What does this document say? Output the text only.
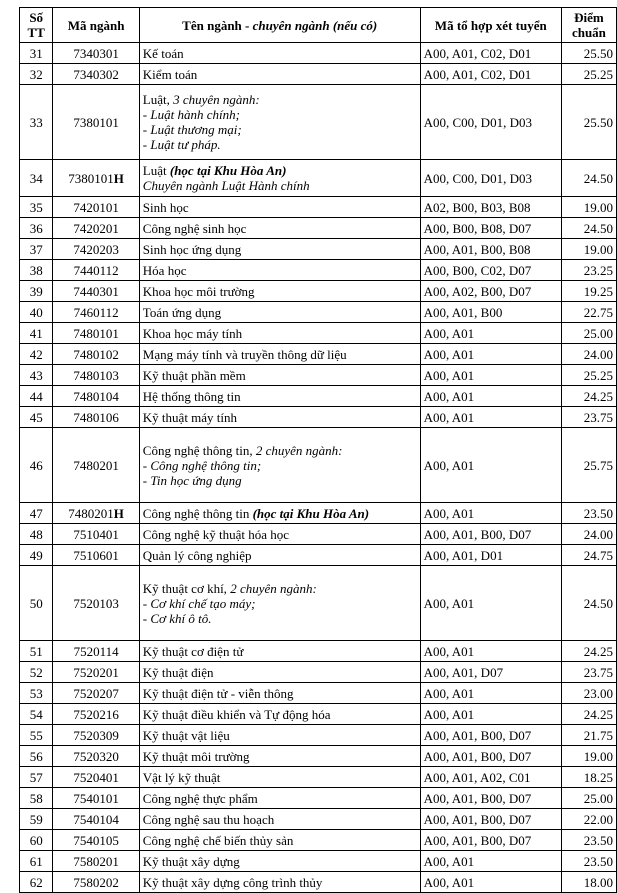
Số TT	Mã ngành	Tên ngành - chuyên ngành (nếu có)	Mã tổ hợp xét tuyển	Điểm chuẩn
31	7340301	Kế toán	A00, A01, C02, D01	25.50
32	7340302	Kiểm toán	A00, A01, C02, D01	25.25
33	7380101	Luật, 3 chuyên ngành:
- Luật hành chính;
- Luật thương mại;
- Luật tư pháp.	A00, C00, D01, D03	25.50
34	7380101H	Luật (học tại Khu Hòa An)
Chuyên ngành Luật Hành chính	A00, C00, D01, D03	24.50
35	7420101	Sinh học	A02, B00, B03, B08	19.00
36	7420201	Công nghệ sinh học	A00, B00, B08, D07	24.50
37	7420203	Sinh học ứng dụng	A00, A01, B00, B08	19.00
38	7440112	Hóa học	A00, B00, C02, D07	23.25
39	7440301	Khoa học môi trường	A00, A02, B00, D07	19.25
40	7460112	Toán ứng dụng	A00, A01, B00	22.75
41	7480101	Khoa học máy tính	A00, A01	25.00
42	7480102	Mạng máy tính và truyền thông dữ liệu	A00, A01	24.00
43	7480103	Kỹ thuật phần mềm	A00, A01	25.25
44	7480104	Hệ thống thông tin	A00, A01	24.25
45	7480106	Kỹ thuật máy tính	A00, A01	23.75
46	7480201	Công nghệ thông tin, 2 chuyên ngành:
- Công nghệ thông tin;
- Tin học ứng dụng	A00, A01	25.75
47	7480201H	Công nghệ thông tin (học tại Khu Hòa An)	A00, A01	23.50
48	7510401	Công nghệ kỹ thuật hóa học	A00, A01, B00, D07	24.00
49	7510601	Quản lý công nghiệp	A00, A01, D01	24.75
50	7520103	Kỹ thuật cơ khí, 2 chuyên ngành:
- Cơ khí chế tạo máy;
- Cơ khí ô tô.	A00, A01	24.50
51	7520114	Kỹ thuật cơ điện tử	A00, A01	24.25
52	7520201	Kỹ thuật điện	A00, A01, D07	23.75
53	7520207	Kỹ thuật điện tử - viễn thông	A00, A01	23.00
54	7520216	Kỹ thuật điều khiển và Tự động hóa	A00, A01	24.25
55	7520309	Kỹ thuật vật liệu	A00, A01, B00, D07	21.75
56	7520320	Kỹ thuật môi trường	A00, A01, B00, D07	19.00
57	7520401	Vật lý kỹ thuật	A00, A01, A02, C01	18.25
58	7540101	Công nghệ thực phẩm	A00, A01, B00, D07	25.00
59	7540104	Công nghệ sau thu hoạch	A00, A01, B00, D07	22.00
60	7540105	Công nghệ chế biến thủy sản	A00, A01, B00, D07	23.50
61	7580201	Kỹ thuật xây dựng	A00, A01	23.50
62	7580202	Kỹ thuật xây dựng công trình thủy	A00, A01	18.00
